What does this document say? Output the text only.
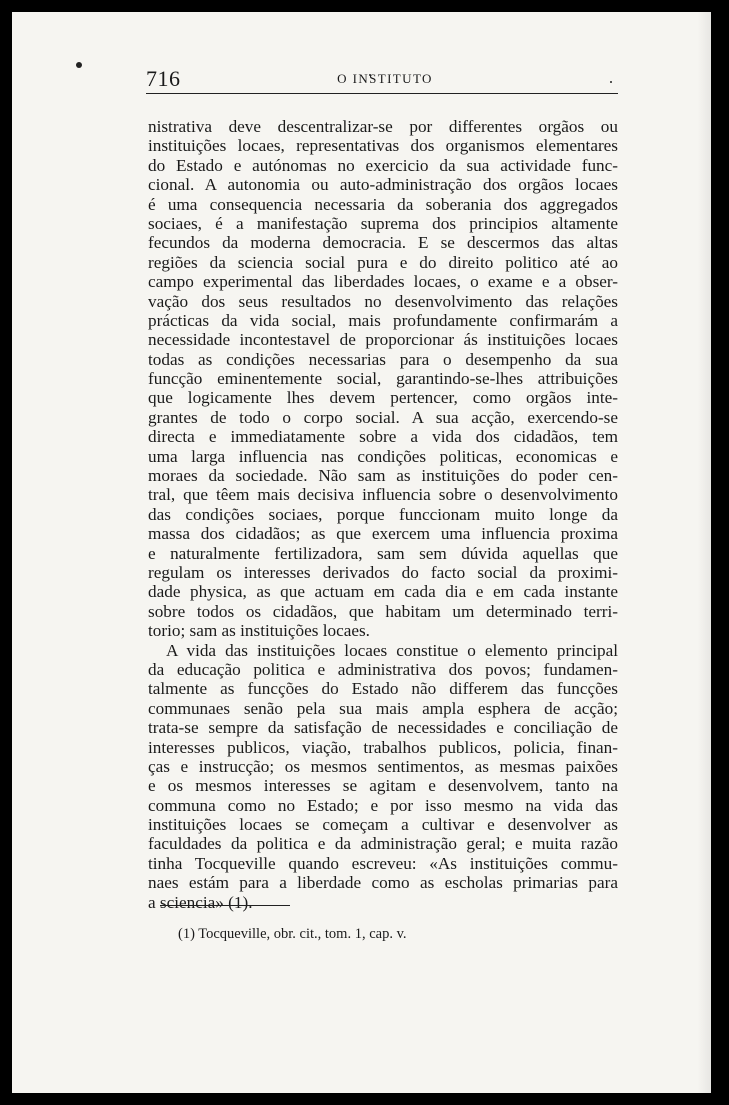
716	O INSTITUTO
nistrativa deve descentralizar-se por differentes orgãos ou
instituições locaes, representativas dos organismos elementares
do Estado e autónomas no exercicio da sua actividade func-
cional. A autonomia ou auto-administração dos orgãos locaes
é uma consequencia necessaria da soberania dos aggregados
sociaes, é a manifestação suprema dos principios altamente
fecundos da moderna democracia. E se descermos das altas
regiões da sciencia social pura e do direito politico até ao
campo experimental das liberdades locaes, o exame e a obser-
vação dos seus resultados no desenvolvimento das relações
prácticas da vida social, mais profundamente confirmarám a
necessidade incontestavel de proporcionar ás instituições locaes
todas as condições necessarias para o desempenho da sua
funcção eminentemente social, garantindo-se-lhes attribuições
que logicamente lhes devem pertencer, como orgãos inte-
grantes de todo o corpo social. A sua acção, exercendo-se
directa e immediatamente sobre a vida dos cidadãos, tem
uma larga influencia nas condições politicas, economicas e
moraes da sociedade. Não sam as instituições do poder cen-
tral, que têem mais decisiva influencia sobre o desenvolvimento
das condições sociaes, porque funccionam muito longe da
massa dos cidadãos; as que exercem uma influencia proxima
e naturalmente fertilizadora, sam sem dúvida aquellas que
regulam os interesses derivados do facto social da proximi-
dade physica, as que actuam em cada dia e em cada instante
sobre todos os cidadãos, que habitam um determinado terri-
torio; sam as instituições locaes.
A vida das instituições locaes constitue o elemento principal
da educação politica e administrativa dos povos; fundamen-
talmente as funcções do Estado não differem das funcções
communaes senão pela sua mais ampla esphera de acção;
trata-se sempre da satisfação de necessidades e conciliação de
interesses publicos, viação, trabalhos publicos, policia, finan-
ças e instrucção; os mesmos sentimentos, as mesmas paixões
e os mesmos interesses se agitam e desenvolvem, tanto na
communa como no Estado; e por isso mesmo na vida das
instituições locaes se começam a cultivar e desenvolver as
faculdades da politica e da administração geral; e muita razão
tinha Tocqueville quando escreveu: «As instituições commu-
naes estám para a liberdade como as escholas primarias para
a sciencia» (1).
(1) Tocqueville, obr. cit., tom. 1, cap. v.
